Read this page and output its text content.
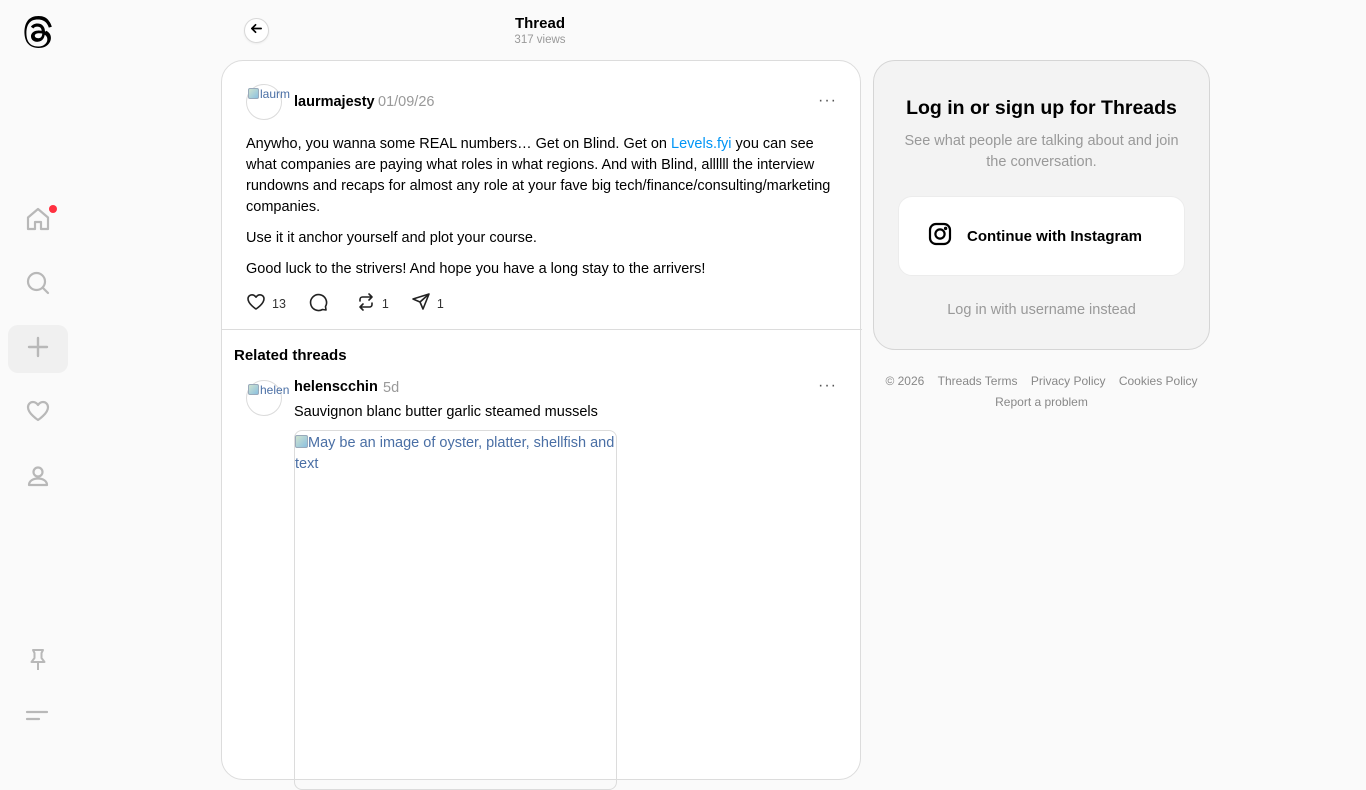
Thread
317 views
laurm laurmajesty 01/09/26	···
Anywho, you wanna some REAL numbers… Get on Blind. Get on Levels.fyi you can see what companies are paying what roles in what regions. And with Blind, allllll the interview rundowns and recaps for almost any role at your fave big tech/finance/consulting/marketing companies.
Use it it anchor yourself and plot your course.
Good luck to the strivers! And hope you have a long stay to the arrivers!
13	1	1
Related threads
helen helenscchin 5d	···
Sauvignon blanc butter garlic steamed mussels
May be an image of oyster, platter, shellfish and text
Log in or sign up for Threads
See what people are talking about and join the conversation.
Continue with Instagram
Log in with username instead
© 2026 Threads Terms Privacy Policy Cookies Policy
Report a problem
